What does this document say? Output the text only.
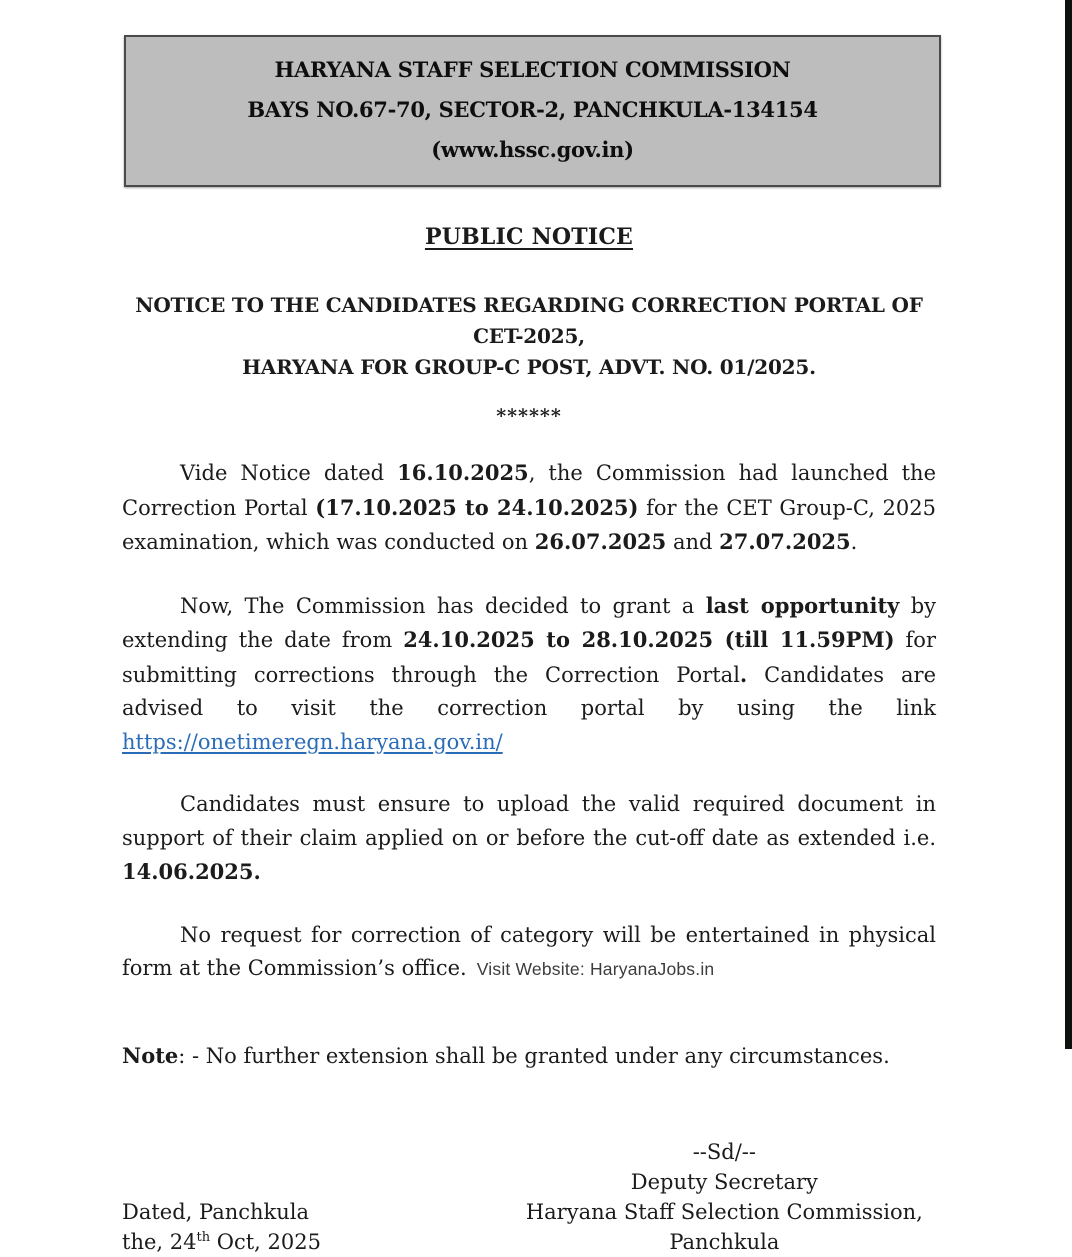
HARYANA STAFF SELECTION COMMISSION
BAYS NO.67-70, SECTOR-2, PANCHKULA-134154
(www.hssc.gov.in)
PUBLIC NOTICE
NOTICE TO THE CANDIDATES REGARDING CORRECTION PORTAL OF CET-2025,
HARYANA FOR GROUP-C POST, ADVT. NO. 01/2025.
******

Vide Notice dated 16.10.2025, the Commission had launched the Correction Portal (17.10.2025 to 24.10.2025) for the CET Group-C, 2025 examination, which was conducted on 26.07.2025 and 27.07.2025.

Now, The Commission has decided to grant a last opportunity by extending the date from 24.10.2025 to 28.10.2025 (till 11.59PM) for submitting corrections through the Correction Portal. Candidates are advised to visit the correction portal by using the link https://onetimeregn.haryana.gov.in/

Candidates must ensure to upload the valid required document in support of their claim applied on or before the cut-off date as extended i.e. 14.06.2025.

No request for correction of category will be entertained in physical form at the Commission’s office. Visit Website: HaryanaJobs.in

Note: - No further extension shall be granted under any circumstances.

Dated, Panchkula
the, 24th Oct, 2025
--Sd/--
Deputy Secretary
Haryana Staff Selection Commission,
Panchkula
